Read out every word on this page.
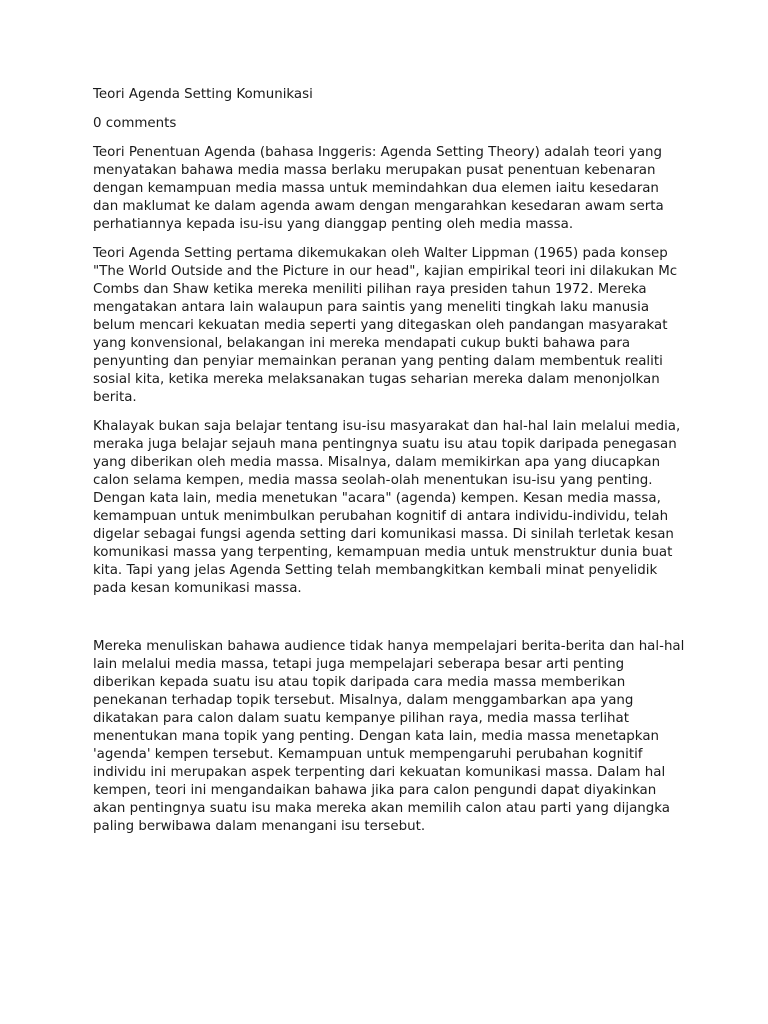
Teori Agenda Setting Komunikasi

0 comments

Teori Penentuan Agenda (bahasa Inggeris: Agenda Setting Theory) adalah teori yang menyatakan bahawa media massa berlaku merupakan pusat penentuan kebenaran dengan kemampuan media massa untuk memindahkan dua elemen iaitu kesedaran dan maklumat ke dalam agenda awam dengan mengarahkan kesedaran awam serta perhatiannya kepada isu-isu yang dianggap penting oleh media massa.

Teori Agenda Setting pertama dikemukakan oleh Walter Lippman (1965) pada konsep "The World Outside and the Picture in our head", kajian empirikal teori ini dilakukan Mc Combs dan Shaw ketika mereka meniliti pilihan raya presiden tahun 1972. Mereka mengatakan antara lain walaupun para saintis yang meneliti tingkah laku manusia belum mencari kekuatan media seperti yang ditegaskan oleh pandangan masyarakat yang konvensional, belakangan ini mereka mendapati cukup bukti bahawa para penyunting dan penyiar memainkan peranan yang penting dalam membentuk realiti sosial kita, ketika mereka melaksanakan tugas seharian mereka dalam menonjolkan berita.

Khalayak bukan saja belajar tentang isu-isu masyarakat dan hal-hal lain melalui media, meraka juga belajar sejauh mana pentingnya suatu isu atau topik daripada penegasan yang diberikan oleh media massa. Misalnya, dalam memikirkan apa yang diucapkan calon selama kempen, media massa seolah-olah menentukan isu-isu yang penting. Dengan kata lain, media menetukan "acara" (agenda) kempen. Kesan media massa, kemampuan untuk menimbulkan perubahan kognitif di antara individu-individu, telah digelar sebagai fungsi agenda setting dari komunikasi massa. Di sinilah terletak kesan komunikasi massa yang terpenting, kemampuan media untuk menstruktur dunia buat kita. Tapi yang jelas Agenda Setting telah membangkitkan kembali minat penyelidik pada kesan komunikasi massa.

Mereka menuliskan bahawa audience tidak hanya mempelajari berita-berita dan hal-hal lain melalui media massa, tetapi juga mempelajari seberapa besar arti penting diberikan kepada suatu isu atau topik daripada cara media massa memberikan penekanan terhadap topik tersebut. Misalnya, dalam menggambarkan apa yang dikatakan para calon dalam suatu kempanye pilihan raya, media massa terlihat menentukan mana topik yang penting. Dengan kata lain, media massa menetapkan 'agenda' kempen tersebut. Kemampuan untuk mempengaruhi perubahan kognitif individu ini merupakan aspek terpenting dari kekuatan komunikasi massa. Dalam hal kempen, teori ini mengandaikan bahawa jika para calon pengundi dapat diyakinkan akan pentingnya suatu isu maka mereka akan memilih calon atau parti yang dijangka paling berwibawa dalam menangani isu tersebut.
